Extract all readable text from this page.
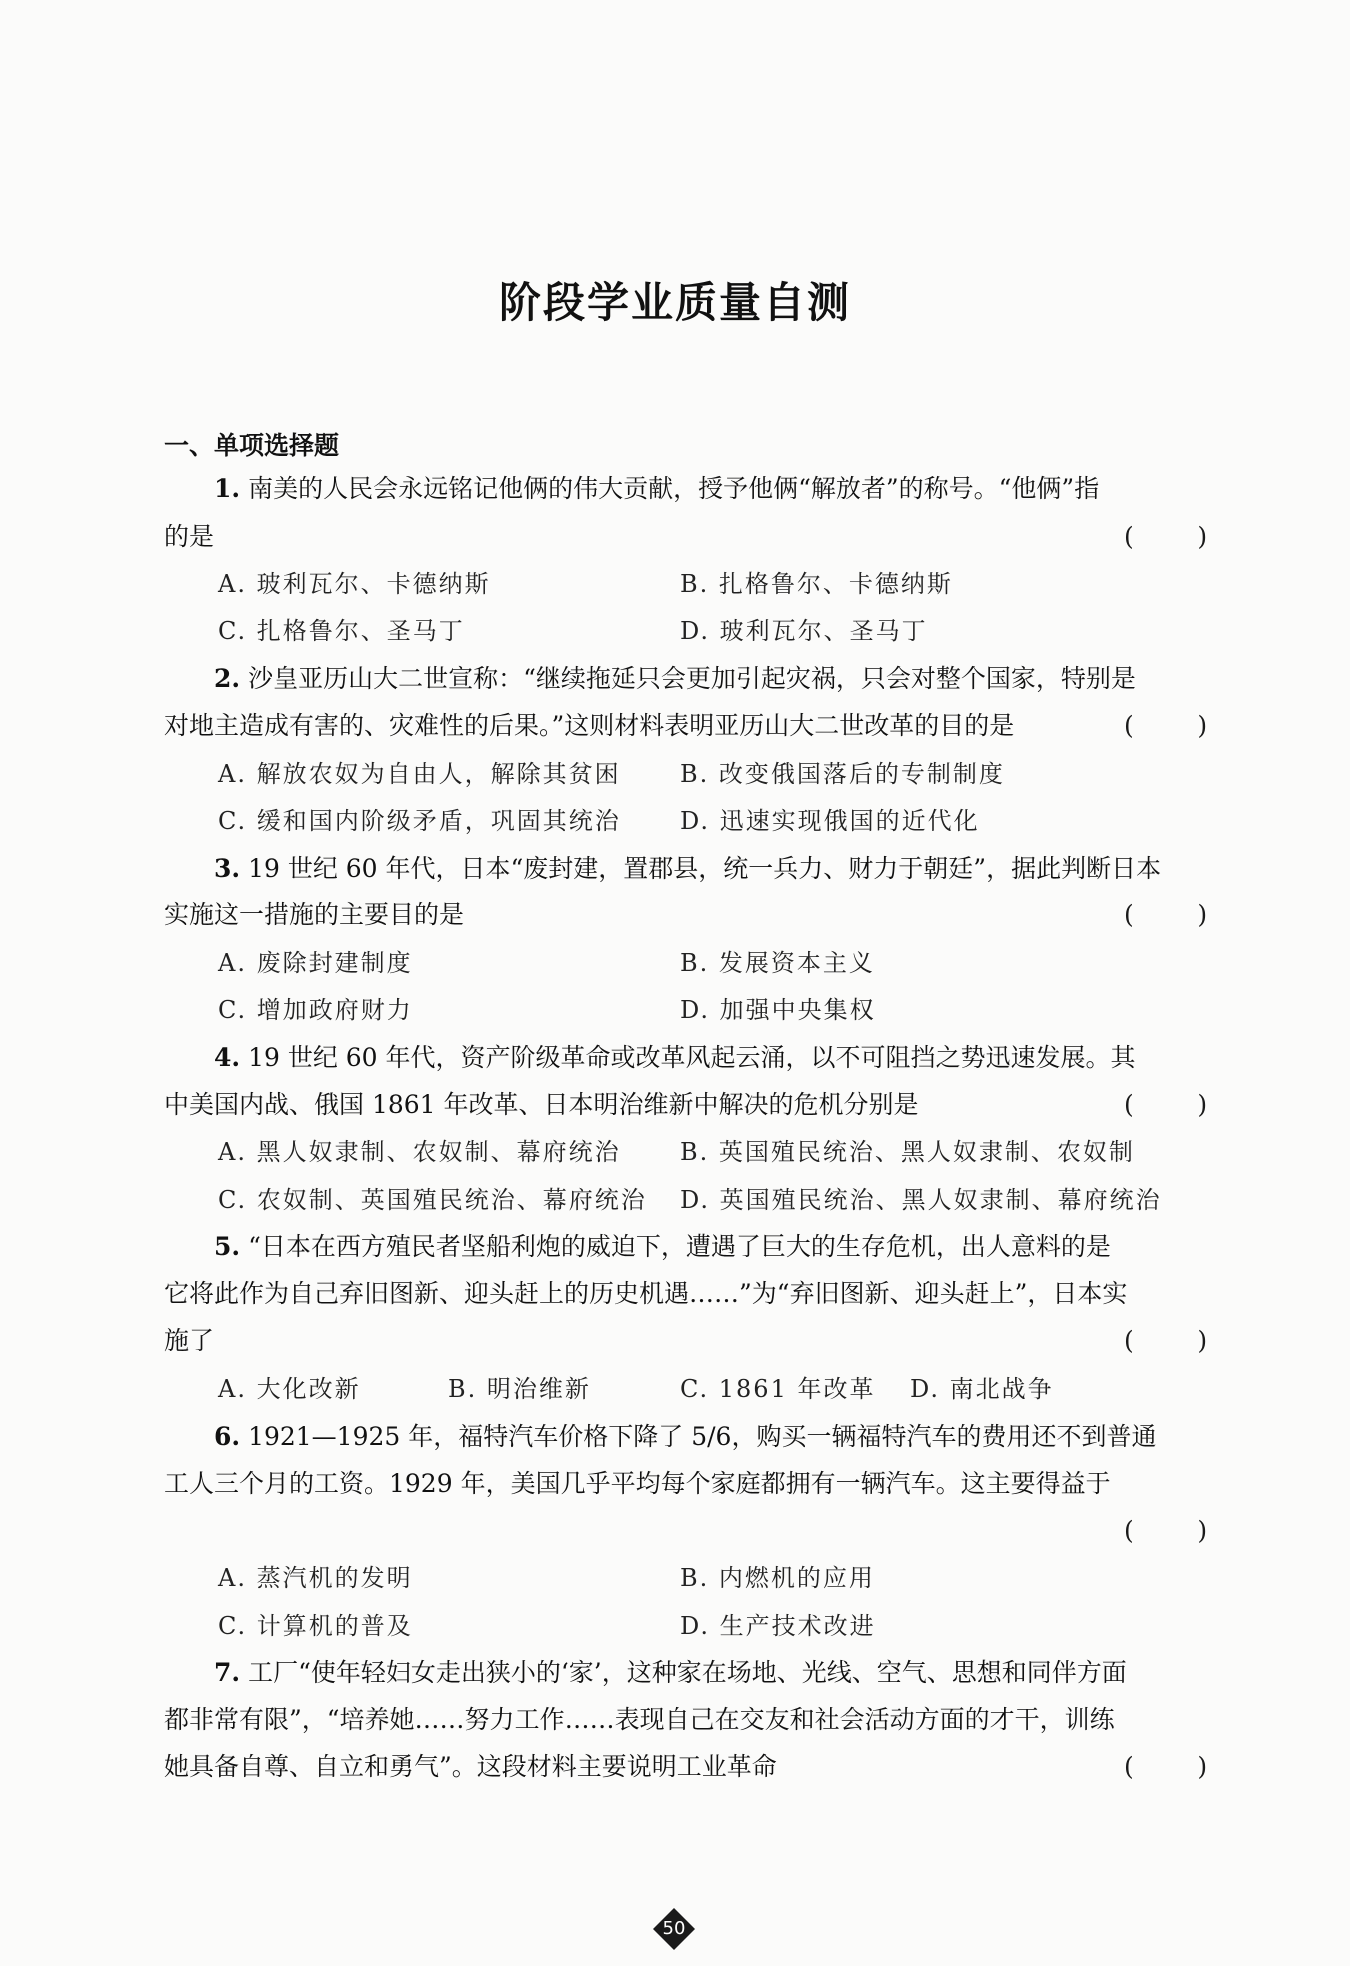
阶段学业质量自测
一、单项选择题
1. 南美的人民会永远铭记他俩的伟大贡献，授予他俩“解放者”的称号。“他俩”指
的是	(        )
A. 玻利瓦尔、卡德纳斯	B. 扎格鲁尔、卡德纳斯
C. 扎格鲁尔、圣马丁	D. 玻利瓦尔、圣马丁
2. 沙皇亚历山大二世宣称：“继续拖延只会更加引起灾祸，只会对整个国家，特别是
对地主造成有害的、灾难性的后果。”这则材料表明亚历山大二世改革的目的是	(        )
A. 解放农奴为自由人，解除其贫困 B. 改变俄国落后的专制制度
C. 缓和国内阶级矛盾，巩固其统治 D. 迅速实现俄国的近代化
3. 19 世纪 60 年代，日本“废封建，置郡县，统一兵力、财力于朝廷”，据此判断日本
实施这一措施的主要目的是	(        )
A. 废除封建制度	B. 发展资本主义
C. 增加政府财力	D. 加强中央集权
4. 19 世纪 60 年代，资产阶级革命或改革风起云涌，以不可阻挡之势迅速发展。其
中美国内战、俄国 1861 年改革、日本明治维新中解决的危机分别是	(        )
A. 黑人奴隶制、农奴制、幕府统治 B. 英国殖民统治、黑人奴隶制、农奴制
C. 农奴制、英国殖民统治、幕府统治 D. 英国殖民统治、黑人奴隶制、幕府统治
5. “日本在西方殖民者坚船利炮的威迫下，遭遇了巨大的生存危机，出人意料的是
它将此作为自己弃旧图新、迎头赶上的历史机遇……”为“弃旧图新、迎头赶上”，日本实
施了	(        )
A. 大化改新	B. 明治维新	C. 1861 年改革 D. 南北战争
6. 1921—1925 年，福特汽车价格下降了 5/6，购买一辆福特汽车的费用还不到普通
工人三个月的工资。1929 年，美国几乎平均每个家庭都拥有一辆汽车。这主要得益于
(        )
A. 蒸汽机的发明	B. 内燃机的应用
C. 计算机的普及	D. 生产技术改进
7. 工厂“使年轻妇女走出狭小的‘家’，这种家在场地、光线、空气、思想和同伴方面
都非常有限”，“培养她……努力工作……表现自己在交友和社会活动方面的才干，训练
她具备自尊、自立和勇气”。这段材料主要说明工业革命	(        )
50
